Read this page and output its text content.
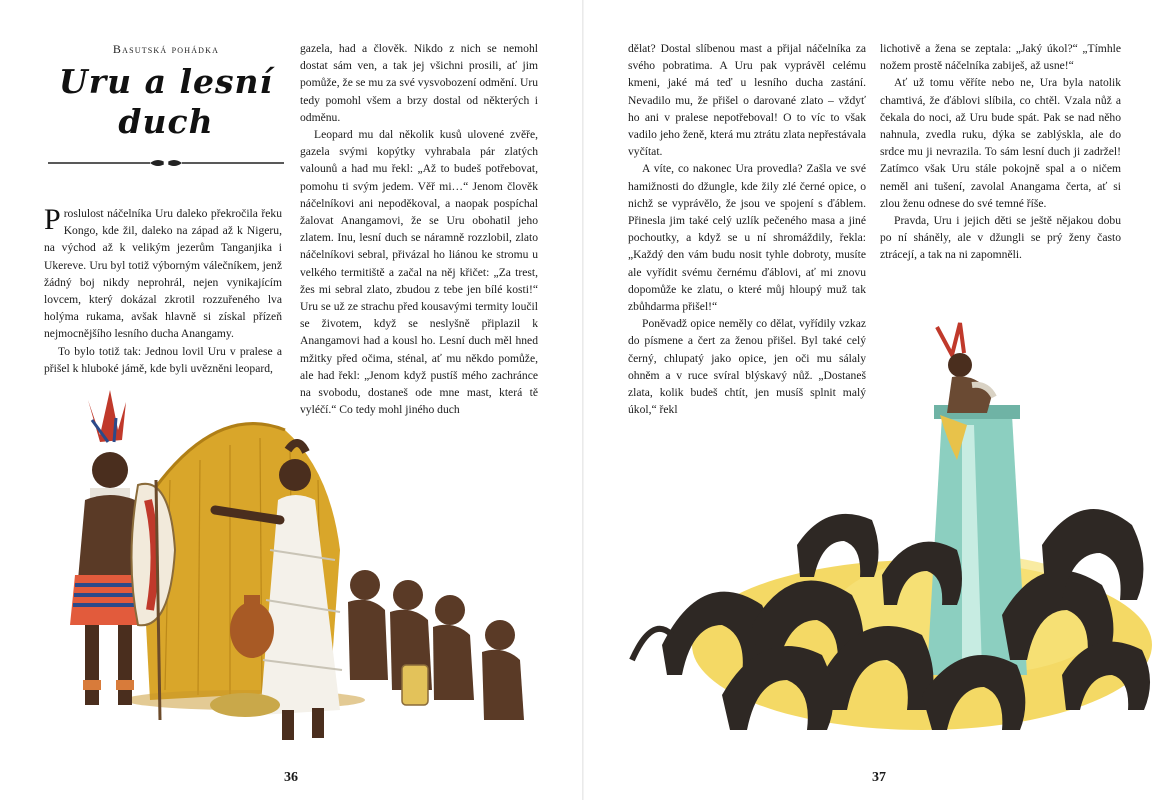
Basutská pohádka
Uru a lesní
duch

Proslulost náčelníka Uru daleko překročila řeku Kongo, kde žil, daleko na západ až k Nigeru, na východ až k velikým jezerům Tanganjika i Ukereve. Uru byl totiž výborným válečníkem, jenž žádný boj nikdy neprohrál, nejen vynikajícím lovcem, který dokázal zkrotil rozzuřeného lva holýma rukama, avšak hlavně si získal přízeň nejmocnějšího lesního ducha Anangamy.

To bylo totiž tak: Jednou lovil Uru v pralese a přišel k hluboké jámě, kde byli uvězněni leopard,

gazela, had a člověk. Nikdo z nich se nemohl dostat sám ven, a tak jej všichni prosili, ať jim pomůže, že se mu za své vysvobození odmění. Uru tedy pomohl všem a brzy dostal od některých i odměnu.

Leopard mu dal několik kusů ulovené zvěře, gazela svými kopýtky vyhrabala pár zlatých valounů a had mu řekl: „Až to budeš potřebovat, pomohu ti svým jedem. Věř mi…“ Jenom člověk náčelníkovi ani nepoděkoval, a naopak pospíchal žalovat Anangamovi, že se Uru obohatil jeho zlatem. Inu, lesní duch se náramně rozzlobil, zlato náčelníkovi sebral, přivázal ho liánou ke stromu u velkého termitiště a začal na něj křičet: „Za trest, žes mi sebral zlato, zbudou z tebe jen bílé kosti!“ Uru se už ze strachu před kousavými termity loučil se životem, když se neslyšně připlazil k Anangamovi had a kousl ho. Lesní duch měl hned mžitky před očima, sténal, ať mu někdo pomůže, ale had řekl: „Jenom když pustíš mého zachránce na svobodu, dostaneš ode mne mast, která tě vyléčí.“ Co tedy mohl jiného duch

36

dělat? Dostal slíbenou mast a přijal náčelníka za svého pobratima. A Uru pak vyprávěl celému kmeni, jaké má teď u lesního ducha zastání. Nevadilo mu, že přišel o darované zlato – vždyť ho ani v pralese nepotřeboval! O to víc to však vadilo jeho ženě, která mu ztrátu zlata nepřestávala vyčítat.

A víte, co nakonec Ura provedla? Zašla ve své hamižnosti do džungle, kde žily zlé černé opice, o nichž se vyprávělo, že jsou ve spojení s ďáblem. Přinesla jim také celý uzlík pečeného masa a jiné pochoutky, a když se u ní shromáždily, řekla: „Každý den vám budu nosit tyhle dobroty, musíte ale vyřídit svému černému ďáblovi, ať mi znovu dopomůže ke zlatu, o které můj hloupý muž tak zbůhdarma přišel!“

Poněvadž opice neměly co dělat, vyřídily vzkaz do písmene a čert za ženou přišel. Byl také celý černý, chlupatý jako opice, jen oči mu sálaly ohněm a v ruce svíral blýskavý nůž. „Dostaneš zlata, kolik budeš chtít, jen musíš splnit malý úkol,“ řekl

lichotivě a žena se zeptala: „Jaký úkol?“ „Tímhle nožem prostě náčelníka zabiješ, až usne!“

Ať už tomu věříte nebo ne, Ura byla natolik chamtivá, že ďáblovi slíbila, co chtěl. Vzala nůž a čekala do noci, až Uru bude spát. Pak se nad něho nahnula, zvedla ruku, dýka se zablýskla, ale do srdce mu ji nevrazila. To sám lesní duch ji zadržel! Zatímco však Uru stále pokojně spal a o ničem neměl ani tušení, zavolal Anangama čerta, ať si zlou ženu odnese do své temné říše.

Pravda, Uru i jejich děti se ještě nějakou dobu po ní sháněly, ale v džungli se prý ženy často ztrácejí, a tak na ni zapomněli.

37
